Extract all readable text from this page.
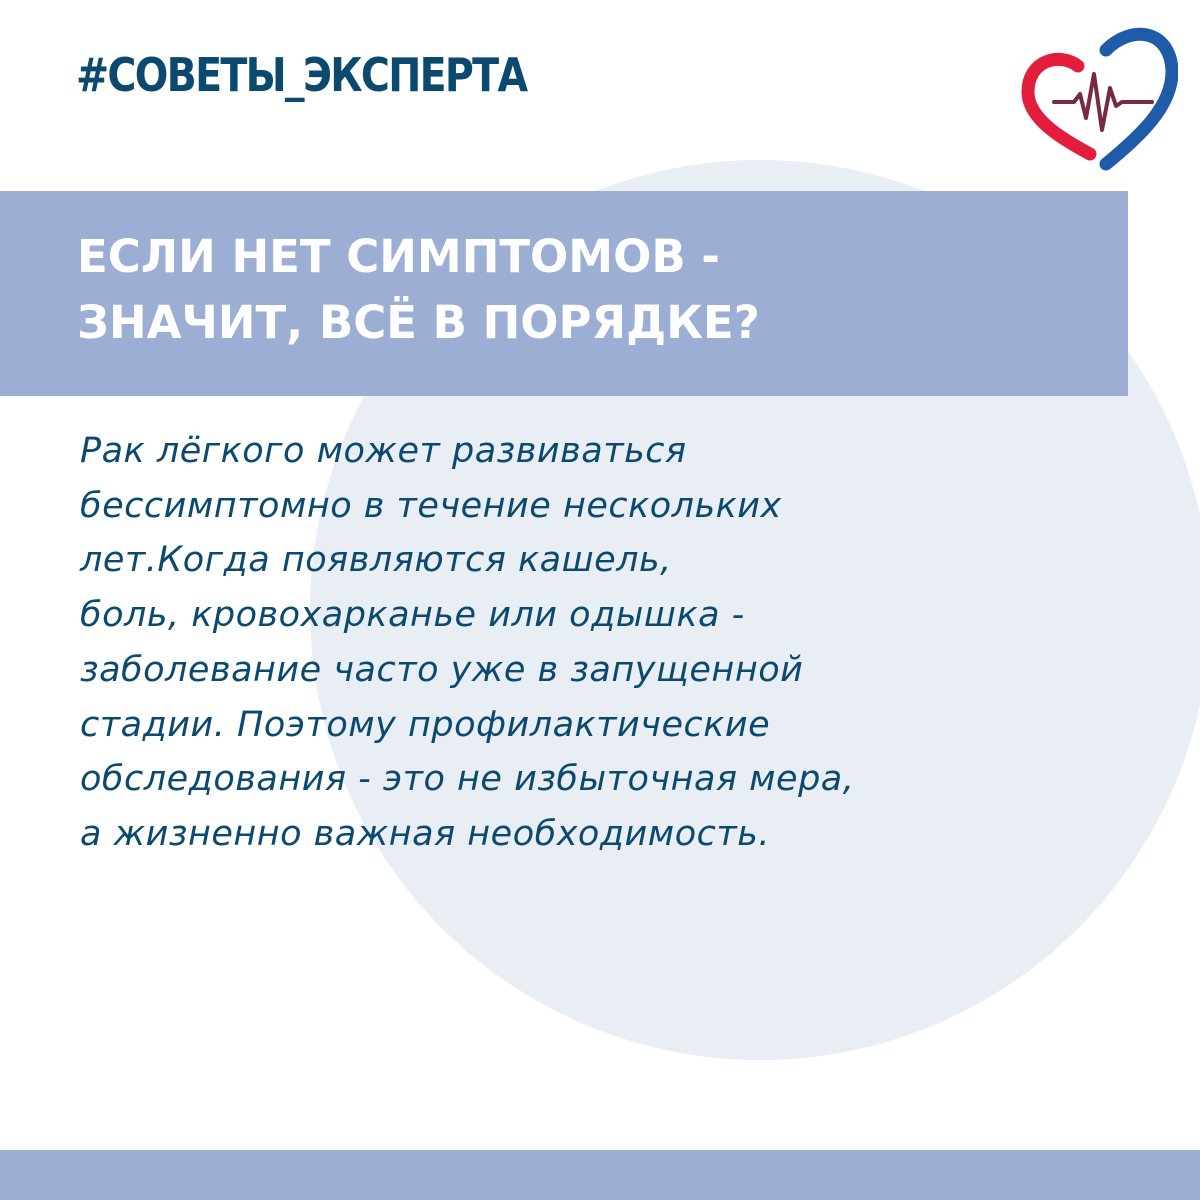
#СОВЕТЫ_ЭКСПЕРТА
ЕСЛИ НЕТ СИМПТОМОВ -
ЗНАЧИТ, ВСЁ В ПОРЯДКЕ?

Рак лёгкого может развиваться
бессимптомно в течение нескольких
лет.Когда появляются кашель,
боль, кровохарканье или одышка -
заболевание часто уже в запущенной
стадии. Поэтому профилактические
обследования - это не избыточная мера,
а жизненно важная необходимость.
